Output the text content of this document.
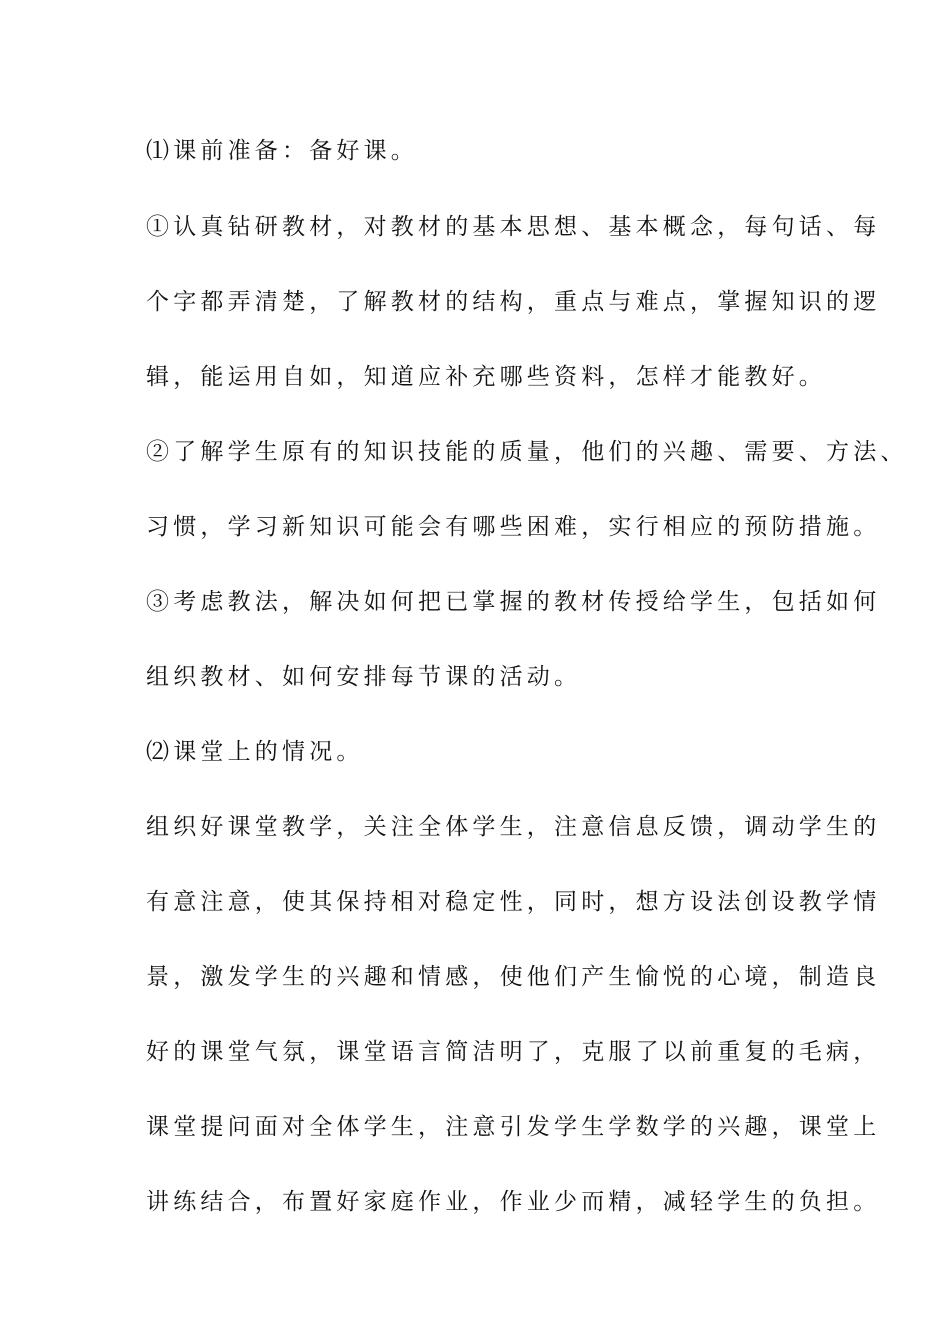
⑴课前准备：备好课。
①认真钻研教材，对教材的基本思想、基本概念，每句话、每
个字都弄清楚，了解教材的结构，重点与难点，掌握知识的逻
辑，能运用自如，知道应补充哪些资料，怎样才能教好。
②了解学生原有的知识技能的质量，他们的兴趣、需要、方法、
习惯，学习新知识可能会有哪些困难，实行相应的预防措施。
③考虑教法，解决如何把已掌握的教材传授给学生，包括如何
组织教材、如何安排每节课的活动。
⑵课堂上的情况。
组织好课堂教学，关注全体学生，注意信息反馈，调动学生的
有意注意，使其保持相对稳定性，同时，想方设法创设教学情
景，激发学生的兴趣和情感，使他们产生愉悦的心境，制造良
好的课堂气氛，课堂语言简洁明了，克服了以前重复的毛病，
课堂提问面对全体学生，注意引发学生学数学的兴趣，课堂上
讲练结合，布置好家庭作业，作业少而精，减轻学生的负担。
